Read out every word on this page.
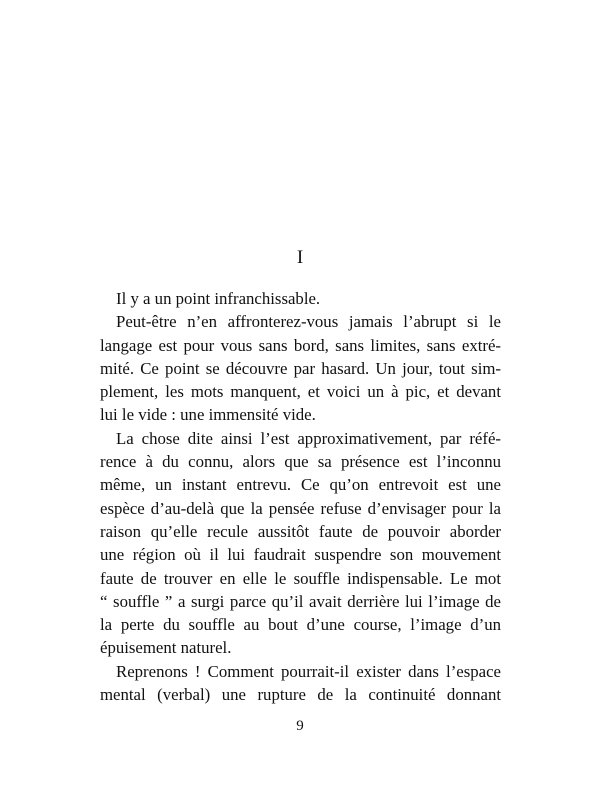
I

Il y a un point infranchissable.

Peut-être n’en affronterez-vous jamais l’abrupt si le
langage est pour vous sans bord, sans limites, sans extré-
mité. Ce point se découvre par hasard. Un jour, tout sim-
plement, les mots manquent, et voici un à pic, et devant
lui le vide : une immensité vide.

La chose dite ainsi l’est approximativement, par réfé-
rence à du connu, alors que sa présence est l’inconnu
même, un instant entrevu. Ce qu’on entrevoit est une
espèce d’au-delà que la pensée refuse d’envisager pour la
raison qu’elle recule aussitôt faute de pouvoir aborder
une région où il lui faudrait suspendre son mouvement
faute de trouver en elle le souffle indispensable. Le mot
“ souffle ” a surgi parce qu’il avait derrière lui l’image de
la perte du souffle au bout d’une course, l’image d’un
épuisement naturel.

Reprenons ! Comment pourrait-il exister dans l’espace
mental (verbal) une rupture de la continuité donnant

9
